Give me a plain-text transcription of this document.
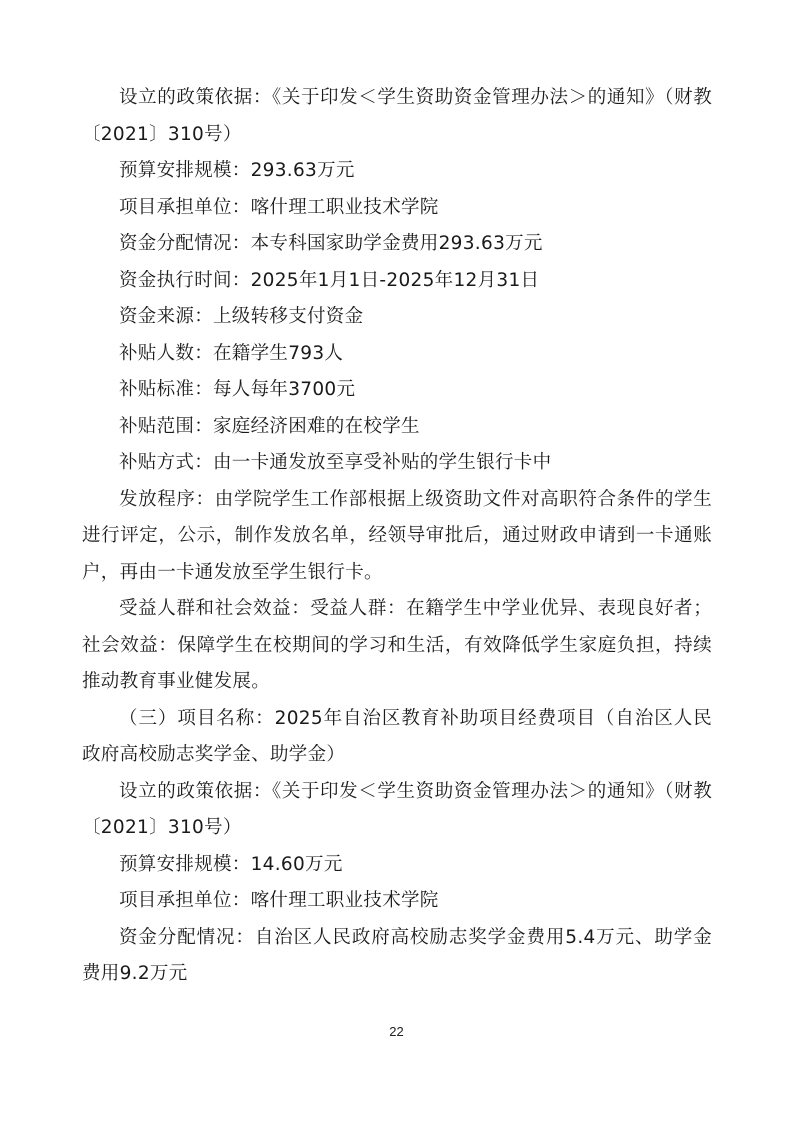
设立的政策依据：《关于印发＜学生资助资金管理办法＞的通知》（财教〔2021〕310号）

预算安排规模：293.63万元

项目承担单位：喀什理工职业技术学院

资金分配情况：本专科国家助学金费用293.63万元

资金执行时间：2025年1月1日-2025年12月31日

资金来源：上级转移支付资金

补贴人数：在籍学生793人

补贴标准：每人每年3700元

补贴范围：家庭经济困难的在校学生

补贴方式：由一卡通发放至享受补贴的学生银行卡中

发放程序：由学院学生工作部根据上级资助文件对高职符合条件的学生进行评定，公示，制作发放名单，经领导审批后，通过财政申请到一卡通账户，再由一卡通发放至学生银行卡。

受益人群和社会效益：受益人群：在籍学生中学业优异、表现良好者；社会效益：保障学生在校期间的学习和生活，有效降低学生家庭负担，持续推动教育事业健发展。

（三）项目名称：2025年自治区教育补助项目经费项目（自治区人民政府高校励志奖学金、助学金）

设立的政策依据：《关于印发＜学生资助资金管理办法＞的通知》（财教〔2021〕310号）

预算安排规模：14.60万元

项目承担单位：喀什理工职业技术学院

资金分配情况：自治区人民政府高校励志奖学金费用5.4万元、助学金费用9.2万元

22
